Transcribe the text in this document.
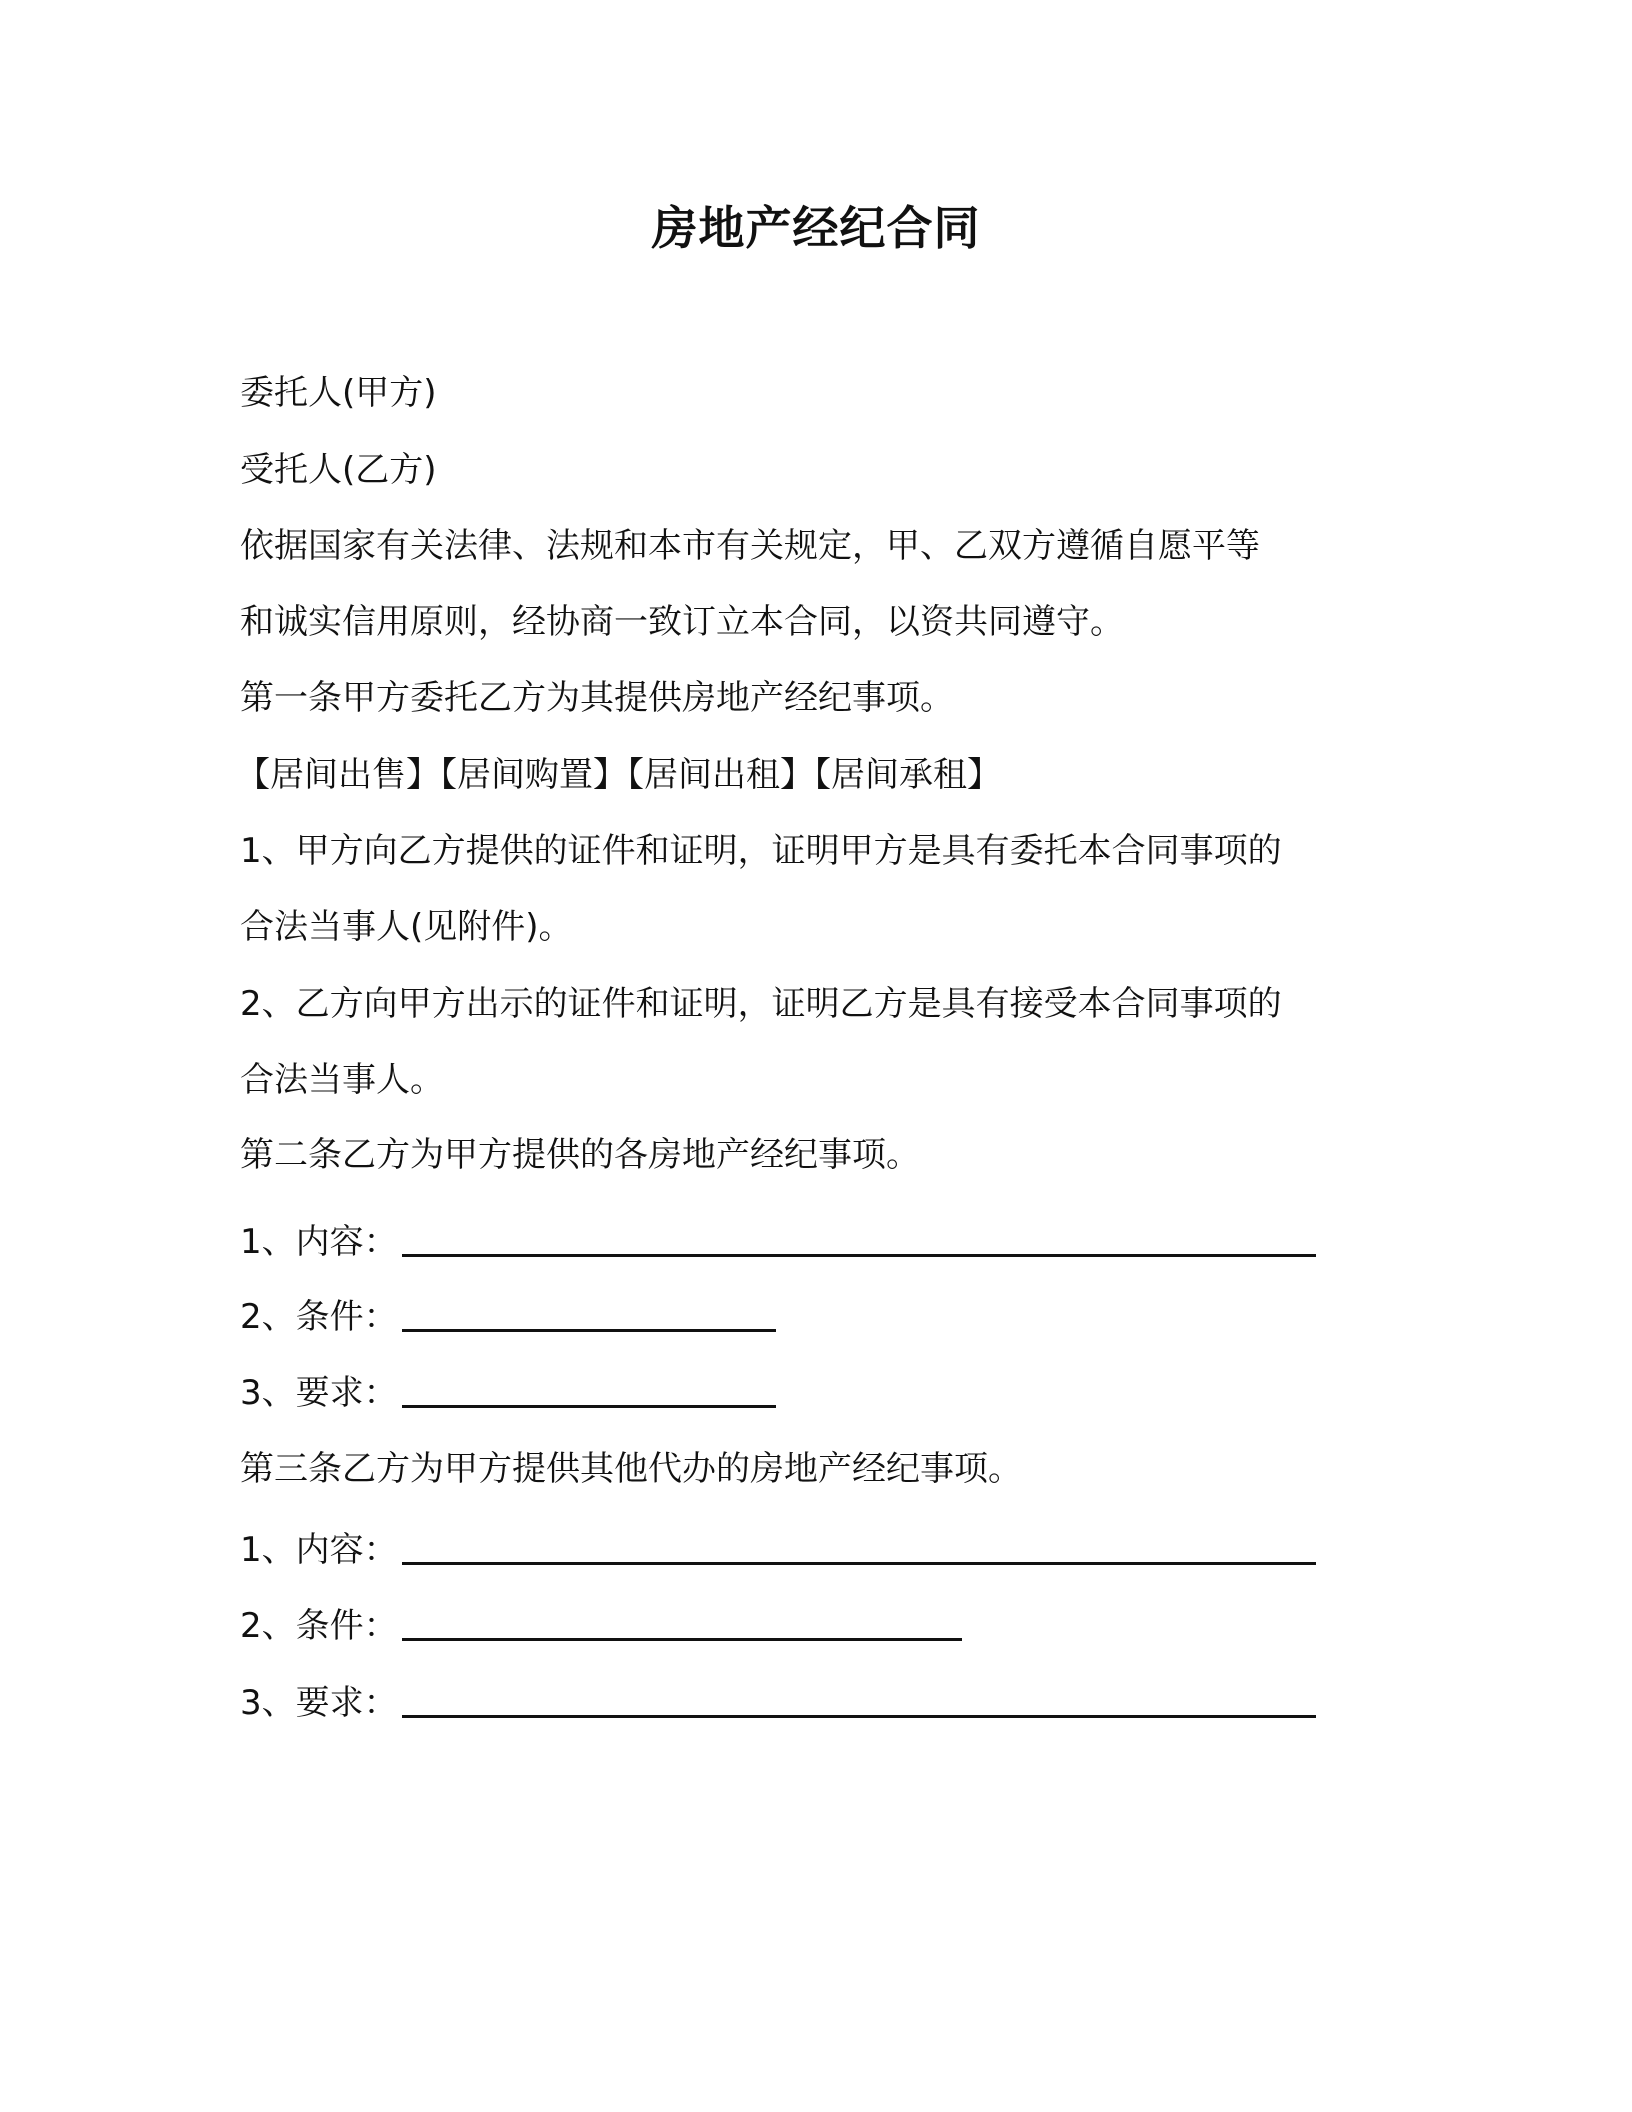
房地产经纪合同
委托人(甲方)
受托人(乙方)
依据国家有关法律、法规和本市有关规定，甲、乙双方遵循自愿平等
和诚实信用原则，经协商一致订立本合同，以资共同遵守。
第一条甲方委托乙方为其提供房地产经纪事项。
【居间出售】【居间购置】【居间出租】【居间承租】
1、甲方向乙方提供的证件和证明，证明甲方是具有委托本合同事项的
合法当事人(见附件)。
2、乙方向甲方出示的证件和证明，证明乙方是具有接受本合同事项的
合法当事人。
第二条乙方为甲方提供的各房地产经纪事项。
1、内容：
2、条件：
3、要求：
第三条乙方为甲方提供其他代办的房地产经纪事项。
1、内容：
2、条件：
3、要求：
